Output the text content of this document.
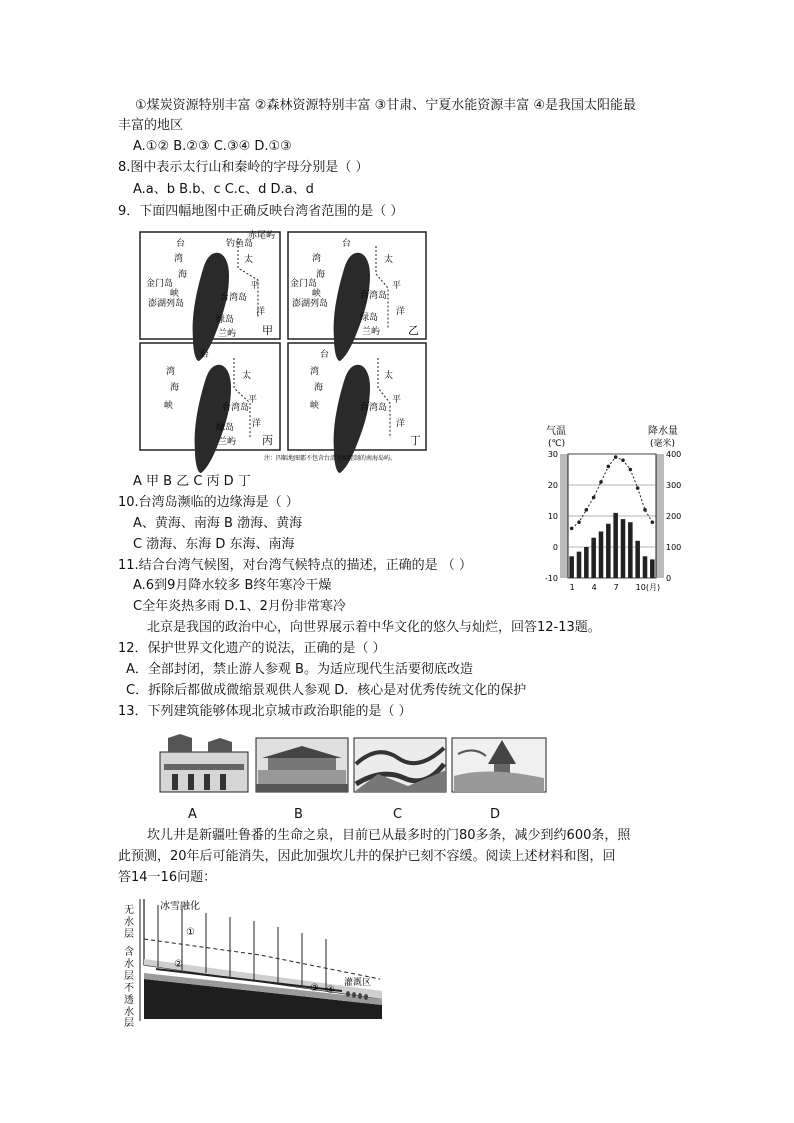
①煤炭资源特别丰富 ②森林资源特别丰富 ③甘肃、宁夏水能资源丰富 ④是我国太阳能最
丰富的地区
A.①② B.②③ C.③④ D.①③
8.图中表示太行山和秦岭的字母分别是（ ）
A.a、b B.b、c C.c、d D.a、d
9．下面四幅地图中正确反映台湾省范围的是（ ）
台
湾
海
峡
钓鱼岛
赤尾屿
太
平
洋
金门岛
澎湖列岛
台湾岛
绿岛
兰屿 甲
台
湾
海
峡
太
平
洋
金门岛
澎湖列岛
台湾岛
绿岛
兰屿	乙
台
湾
海
峡
太
平
洋
台湾岛
绿岛
兰屿 丙
台
湾
海
峡
太
平
洋
台湾岛
丁
注：四幅地图都不包含台湾当局控制的南海岛屿。
A 甲 B 乙 C 丙 D 丁
10.台湾岛濒临的边缘海是（ ）
A、黄海、南海 B 渤海、黄海
C 渤海、东海 D 东海、南海
11.结合台湾气候图，对台湾气候特点的描述，正确的是 （ ）
A.6到9月降水较多 B终年寒冷干燥
C全年炎热多雨 D.1、2月份非常寒冷
气温
(℃)
降水量
(毫米)
-10
0
10
20
30
0
100
200
300
400
1 4 7 10(月)
北京是我国的政治中心，向世界展示着中华文化的悠久与灿烂，回答12-13题。
12．保护世界文化遗产的说法，正确的是（ ）
A．全部封闭，禁止游人参观 B。为适应现代生活要彻底改造
C．拆除后都做成微缩景观供人参观 D．核心是对优秀传统文化的保护
13．下列建筑能够体现北京城市政治职能的是（ ）
A	B	C	D
坎儿井是新疆吐鲁番的生命之泉，目前已从最多时的门80多条，减少到约600条，照
此预测，20年后可能消失，因此加强坎儿井的保护已刻不容缓。阅读上述材料和图，回
答14一16问题：
无
水
层
含
水
层
不
透
水
层
冰雪融化
①
②
③ ④
灌溉区
